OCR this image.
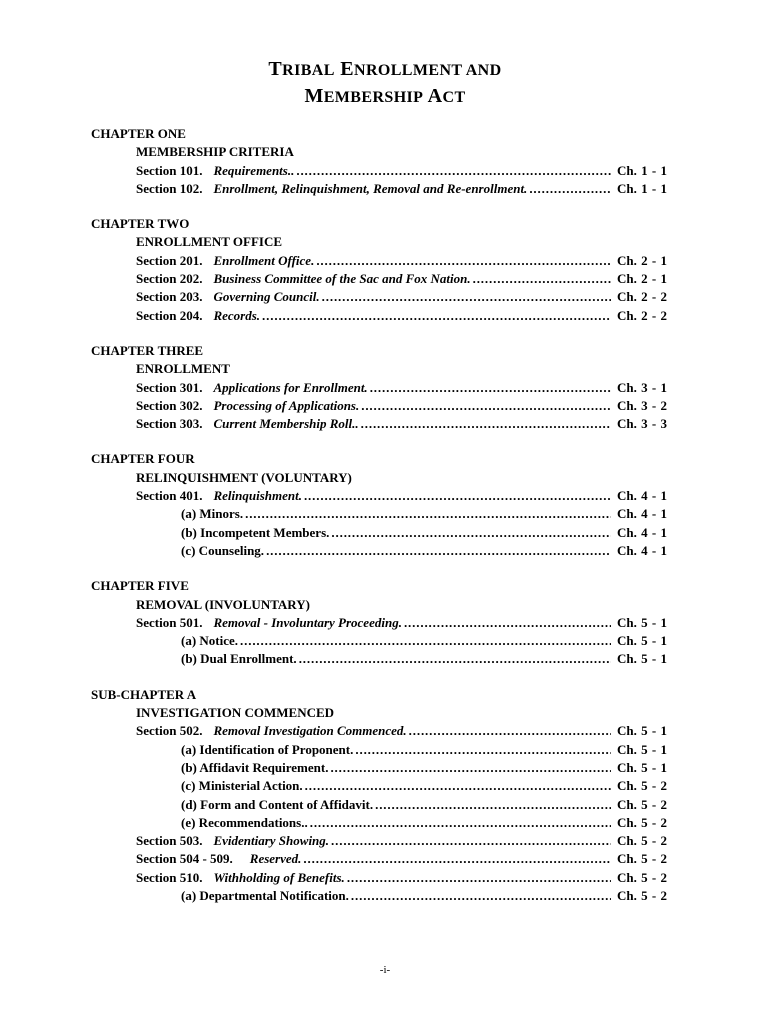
TRIBAL ENROLLMENT AND
MEMBERSHIP ACT
CHAPTER ONE
MEMBERSHIP CRITERIA
Section 101. Requirements.. . . .	Ch. 1 - 1
Section 102. Enrollment, Relinquishment, Removal and Re-enrollment. . . .	Ch. 1 - 1
CHAPTER TWO
ENROLLMENT OFFICE
Section 201. Enrollment Office. . . .	Ch. 2 - 1
Section 202. Business Committee of the Sac and Fox Nation. . . .	Ch. 2 - 1
Section 203. Governing Council. . . .	Ch. 2 - 2
Section 204. Records. . . .	Ch. 2 - 2
CHAPTER THREE
ENROLLMENT
Section 301. Applications for Enrollment. . . .	Ch. 3 - 1
Section 302. Processing of Applications. . . .	Ch. 3 - 2
Section 303. Current Membership Roll.. . . .	Ch. 3 - 3
CHAPTER FOUR
RELINQUISHMENT (VOLUNTARY)
Section 401. Relinquishment. . . .	Ch. 4 - 1
(a) Minors. . . .	Ch. 4 - 1
(b) Incompetent Members. . . .	Ch. 4 - 1
(c) Counseling. . . .	Ch. 4 - 1
CHAPTER FIVE
REMOVAL (INVOLUNTARY)
Section 501. Removal - Involuntary Proceeding. . . .	Ch. 5 - 1
(a) Notice. . . .	Ch. 5 - 1
(b) Dual Enrollment. . . .	Ch. 5 - 1
SUB-CHAPTER A
INVESTIGATION COMMENCED
Section 502. Removal Investigation Commenced. . . .	Ch. 5 - 1
(a) Identification of Proponent. . . .	Ch. 5 - 1
(b) Affidavit Requirement. . . .	Ch. 5 - 1
(c) Ministerial Action. . . .	Ch. 5 - 2
(d) Form and Content of Affidavit. . . .	Ch. 5 - 2
(e) Recommendations.. . . .	Ch. 5 - 2
Section 503. Evidentiary Showing. . . .	Ch. 5 - 2
Section 504 - 509. Reserved. . . .	Ch. 5 - 2
Section 510. Withholding of Benefits. . . .	Ch. 5 - 2
(a) Departmental Notification. . . .	Ch. 5 - 2
-i-
